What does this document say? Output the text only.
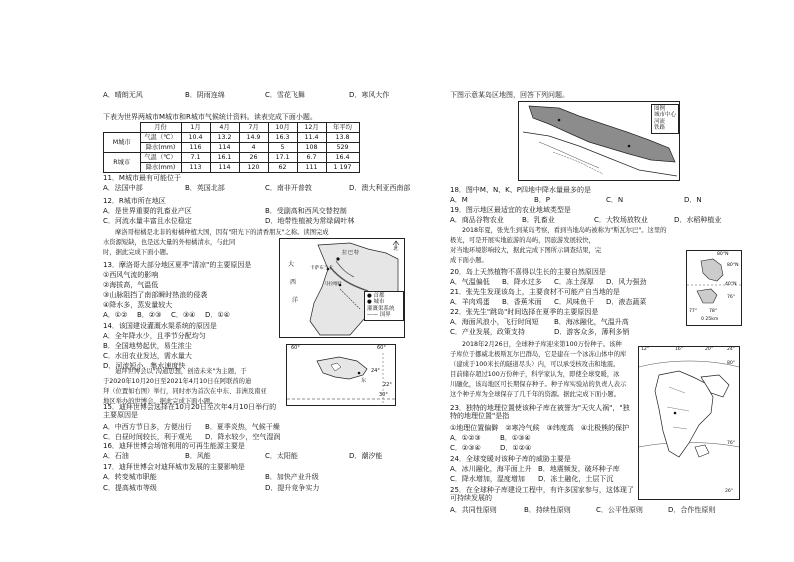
A．晴朗无风	B．阴雨连绵	C．雪花飞舞	D．寒风大作
下表为世界两城市M城市和R城市气候统计资料。读表完成下面小题。
	月份	1月	4月	7月	10月	12月	年平均
M城市	气温（℃）	10.4	13.2	14.9	16.3	11.4	13.8
	降水(mm)	116	114	4	5	108	529
R城市	气温（℃）	7.1	16.1	26	17.1	6.7	16.4
	降水(mm)	113	114	120	62	111	1 197
11．M城市最有可能位于
A．法国中部	B．英国北部	C．南非开普敦	D．澳大利亚西南部
12．R城市所在地区
A．是世界重要的乳畜业产区	B．受副高和西风交替控制
C．河流水量丰富且水位稳定	D．地带性植被为常绿阔叶林
摩洛哥柑橘是北非的柑橘种植大国，因有"阳光下的清香朋友"之称。读图完成
水资源短缺，也是远大量的外柑橘清水，与此同
时，据此完成下面小题。
13．摩洛哥大部分地区夏季"清凉"的主要原因是
①西风气流的影响
②海拔高，气温低
③山脉阻挡了南部瞬时热浪的侵袭
④降水多，蒸发量较大
A．①②	B．②③	C．③④	D．①④
14．该国建设灌溉水渠系统的原因是
A．全年降水少，且季节分配均匀
B．全国地势起伏，易生浓尘
C．水田农业发达，需水量大
D．河流短小，集水速度快
迪拜世博会以"沟通思想，创造未来"为主题，于
于2020年10月20日至2021年4月10日在阿联酋的迪
拜（位置如右图）举行，同时亦为首次在中东、非洲及南亚
地区举办的世博会。据此完成下面小题。
15．迪拜世博会选择在10月20日至次年4月10日举行的主要原因是
A．中西方节日多，方便出行 B．夏季炎热，气候干燥
C．白昼时间较长，利于观光 D．降水较少，空气湿润
16．迪拜世博会场馆利用的可再生能源主要是
A．石油	B．风能	C．太阳能	D．潮汐能
17．迪拜世博会对迪拜城市发展的主要影响是
A．转变城市职能	B．加快产业升级
C．提高城市等级	D．提升竞争实力
大
西
洋
拉 巴 特
卡萨布兰卡
马拉喀什
北
● 首都
● 城市
灌溉渠系统
—— 国界
60°	60°
22°
30°
东
24°
下图示意某岛区地图，回答下列问题。
图例
城市中心
河流
铁路
18．图中M、N、K、P四地中降水量最多的是
A．M	B．P	C．N	D．N
19．图示地区最适宜的农业地域类型是
A．商品谷物农业	B．乳畜业	C．大牧场放牧业	D．水稻种植业
2018年夏，张先生到某岛考察，看到当地岛屿被称为"斯瓦尔巴"。这里的
极光，可是开展实地旅游的岛屿，因旅游发展较快，
对当地环境影响较大，据此完成下图所示调查结果，完
成下面小题。
20．岛上天然植物不喜得以生长的主要自然原因是
A．气温偏低 B．降水过多 C．冻土深厚 D．风力强劲
21．张先生发现该岛上，主要食材不可能产自当地的是
A．羊肉鸡蛋 B．香蕉米面 C．风味鱼干 D．液态蔬菜
22．张先生"跳岛"时间选择在夏季的主要原因是
A．海面风浪小，飞行时间短 B．海冰融化，气温升高
C．产业发展，政策支持	D．游客众多，薄利多销
80°N
40°N
77°	78°
80°N
0 25km
76°
2018年2月26日，全球种子库迎来第100万份种子。该种
子库位于挪威北极斯瓦尔巴群岛，它是建在一个冰冻山体中的库
（建成于100米长的隧道尽头）内，可以承受核攻击和地震。
目前储存超过100万份种子，科学家认为，即使全球变暖，冰
川融化，该岛地区可长期保存种子。种子库实验站的负责人表示
这个种子库为全球保存了几千年的资源。据此完成下面小题。
23．独特的地理位置使该种子库在被誉为"天灾人祸"，"独特的地理位置"是指
①地理位置偏僻　②寒冷气候　③纬度高　④北极熊的保护
A．①②③	B．①③④
C．②③④	D．①②④
24．全球变暖对该种子库的威胁主要是
A．冰川融化，海平面上升 B．地震频发，破坏种子库
C．降水增加，湿度增加 D．冻土融化，土层下沉
25．在全球种子库建设工程中，有许多国家参与，这体现了可持续发展的
A．共同性原则	B．持续性原则	C．公平性原则	D．合作性原则
12°	16°	20°	24°
26°
80°
76°
